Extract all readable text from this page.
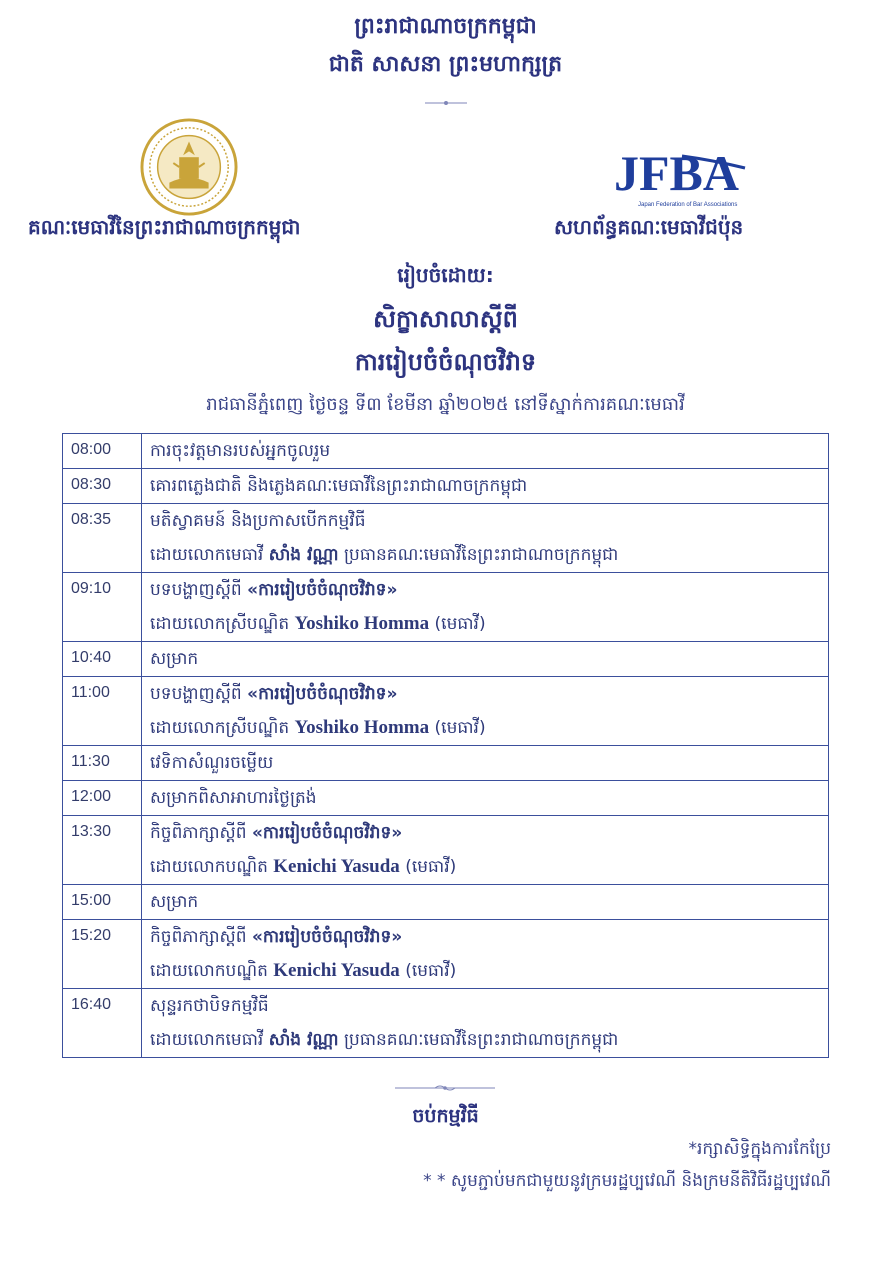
ព្រះរាជាណាចក្រកម្ពុជា
ជាតិ សាសនា ព្រះមហាក្សត្រ
JFBA
Japan Federation of Bar Associations
គណៈមេធាវីនៃព្រះរាជាណាចក្រកម្ពុជា	សហព័ន្ធគណៈមេធាវីជប៉ុន
រៀបចំដោយ:
សិក្ខាសាលាស្តីពី
ការរៀបចំចំណុចវិវាទ
រាជធានីភ្នំពេញ ថ្ងៃចន្ទ ទី៣ ខែមីនា ឆ្នាំ២០២៥ នៅទីស្នាក់ការគណៈមេធាវី
08:00	ការចុះវត្តមានរបស់អ្នកចូលរួម

08:30	គោរពភ្លេងជាតិ និងភ្លេងគណៈមេធាវីនៃព្រះរាជាណាចក្រកម្ពុជា

08:35	មតិស្វាគមន៍ និងប្រកាសបើកកម្មវិធី
ដោយលោកមេធាវី សាំង វណ្ណា ប្រធានគណៈមេធាវីនៃព្រះរាជាណាចក្រកម្ពុជា

09:10	បទបង្ហាញស្តីពី «ការរៀបចំចំណុចវិវាទ»
ដោយលោកស្រីបណ្ឌិត Yoshiko Homma (មេធាវី)

10:40	សម្រាក

11:00	បទបង្ហាញស្តីពី «ការរៀបចំចំណុចវិវាទ»
ដោយលោកស្រីបណ្ឌិត Yoshiko Homma (មេធាវី)

11:30	វេទិកាសំណួរចម្លើយ

12:00	សម្រាកពិសាអាហារថ្ងៃត្រង់

13:30	កិច្ចពិភាក្សាស្តីពី «ការរៀបចំចំណុចវិវាទ»
ដោយលោកបណ្ឌិត Kenichi Yasuda (មេធាវី)

15:00	សម្រាក

15:20	កិច្ចពិភាក្សាស្តីពី «ការរៀបចំចំណុចវិវាទ»
ដោយលោកបណ្ឌិត Kenichi Yasuda (មេធាវី)

16:40	សុន្ទរកថាបិទកម្មវិធី
ដោយលោកមេធាវី សាំង វណ្ណា ប្រធានគណៈមេធាវីនៃព្រះរាជាណាចក្រកម្ពុជា
ចប់កម្មវិធី
*រក្សាសិទ្ធិក្នុងការកែប្រែ
* * សូមភ្ជាប់មកជាមួយនូវក្រមរដ្ឋប្បវេណី និងក្រមនីតិវិធីរដ្ឋប្បវេណី
